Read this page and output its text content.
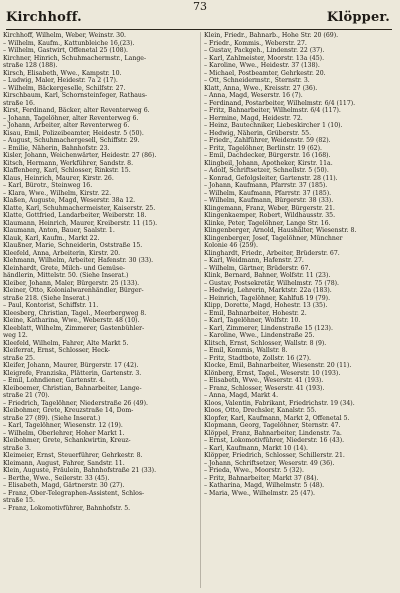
Kirchhoff.
73
Klöpper.
Kirchhoff, Wilhelm, Weber, Weinstr. 30.
– Wilhelm, Kaufm., Kattunbleiche 16,(23).
– Wilhelm, Gastwirt, Offenetal 25 (108).
Kirchner, Hinrich, Schuhmachermstr., Lange-
straße 128 (188).
Kirsch, Elisabeth, Wwe., Kampstr. 10.
– Ludwig, Maler, Heidestr. 7a 2 (17).
– Wilhelm, Bäckergeselle, Schilfstr. 27.
Kirschbaum, Karl, Schornsteinfeger, Rathaus-
straße 16.
Kirst, Ferdinand, Bäcker, alter Reventerweg 6.
– Johann, Tagelöhner, alter Reventerweg 6.
– Johann, Arbeiter, alter Reventerweg 6.
Kisau, Emil, Polizeibeamter, Heidestr. 5 (50).
– August, Schuhmachergesell, Schiffstr. 29.
– Emilie, Näherin, Bahnhofstr. 23.
Kisler, Johann, Weichenwärter, Heidestr. 27 (86).
Kitsch, Hermann, Werkführer, Sandstr. 8.
Klaffenberg, Karl, Schlosser, Rinkstr. 15.
Klaus, Heinrich, Maurer, Kirstr. 26.
– Karl, Bürotr., Steinweg 16.
– Klara, Wwe., Wilhelm, Kirstr. 22.
Klaßen, Auguste, Magd, Weserstr. 38a 12.
Klatte, Karl, Schuhmachermeister, Kaiserstr. 25.
Klatte, Gottfried, Landarbeiter, Weiberstr. 18.
Klaumann, Heinrich, Maurer, Kreiberstr. 11 (15).
Klaumann, Anton, Bauer, Saalstr. 1.
Klauk, Karl, Kaufm., Markt 22.
Klaußner, Marie, Schneiderin, Oststraße 15.
Kleefeld, Anna, Arbeiterin, Kirstr. 20.
Klehmann, Wilhelm, Arbeiter, Hafenstr. 30 (33).
Kleinhardt, Grete, Milch- und Gemüse-
händlerin, Mittelstr. 50. (Siehe Inserat.)
Kleiber, Johann, Maler, Bürgerstr. 25 (133).
Kleiner, Otto, Kolonialwarenhändler, Bürger-
straße 218. (Siehe Inserat.)
– Paul, Kontorist, Schiffstr. 11.
Kleesberg, Christian, Tagel., Meerbergweg 8.
Kleine, Katharina, Wwe., Weberstr. 48 (10).
Kleeblatt, Wilhelm, Zimmerer, Gastenbühler-
weg 12.
Kleefeld, Wilhelm, Fahrer, Alte Markt 5.
Kleiferrat, Ernst, Schlosser, Heck-
straße 25.
Kleifer, Johann, Maurer, Bürgerstr. 17 (42).
Kleigrefe, Franziska, Plätterin, Gartenstr. 3.
– Emil, Lohndiener, Gartenstr. 4.
Kleiboemer, Christian, Bahnarbeiter, Lange-
straße 21 (70).
– Friedrich, Tagelöhner, Niederstraße 26 (49).
Kleibohmer, Grete, Kreuzstraße 14, Dom-
straße 27 (89). (Siehe Inserat.)
– Karl, Tagelöhner, Wiesenstr. 12 (19).
– Wilhelm, Oberlehrer, Hoher Markt 1.
Kleibohmer, Grete, Schankwirtin, Kreuz-
straße 3.
Kleimeier, Ernst, Steuerführer, Gehrkestr. 8.
Kleimann, August, Fahrer, Sandstr. 11.
Klein, Auguste, Fräulein, Bahnhofstraße 21 (33).
– Berthe, Wwe., Seilerstr. 33 (45).
– Elisabeth, Magd, Gärtnerstr. 30 (27).
– Franz, Ober-Telegraphen-Assistent, Schlos-
straße 15.
– Franz, Lokomotivführer, Bahnhofstr. 5.
Klein, Friedr., Bahnarb., Hohe Str. 20 (69).
– Friedr., Kommis., Weberstr. 27.
– Gustav, Packgeh., Lindenstr. 22 (37).
– Karl, Zahlmeister, Moorstr. 13a (45).
– Karoline, Wwe., Heidestr. 37 (138).
– Michael, Postbeamter, Gehrkestr. 20.
– Ott, Schneidermstr., Sternstr. 3.
Klatt, Anna, Wwe., Kreisstr. 27 (36).
– Anna, Magd, Weserstr. 16 (7).
– Ferdinand, Postarbeiter, Wilhelmstr. 6/4 (117).
– Fritz, Bahnarbeiter, Wilhelmstr. 6/4 (117).
– Hermine, Magd, Heidestr. 72.
– Heinz, Bautechniker, Liebeskircher 1 (10).
– Hedwig, Näherin, Grüberstr. 55.
– Friedr., Zahlführer, Weidenstr. 59 (82).
– Fritz, Tagelöhner, Berlinstr. 19 (62).
– Emil, Dachdecker, Bürgerstr. 16 (168).
Klingbeil, Johann, Apotheker, Kirstr. 11a.
– Adolf, Schriftsetzer, Schnellstr. 5 (50).
– Konrad, Gefolgsleiter, Gartenstr. 28 (11).
– Johann, Kaufmann, Pfarrstr. 37 (185).
– Wilhelm, Kaufmann, Pfarrstr. 37 (185).
– Wilhelm, Kaufmann, Bürgerstr. 38 (33).
Klingemann, Franz, Weber, Bürgerstr. 21.
Klingenkaemper, Robert, Wildhausstr. 35.
Klinke, Peter, Tagelöhner, Lange Str. 16.
Klingenberger, Arnold, Haushälter, Wiesenstr. 8.
Klingenberger, Josef, Tagelöhner, Münchner
Kolonie 46 (259).
Klinghardt, Friedr., Arbeiter, Brüderstr. 67.
– Karl, Weidmann, Hafenstr. 27.
– Wilhelm, Gärtner, Brüderstr. 67.
Klink, Bernard, Bahner, Wolfstr. 11 (23).
– Gustav, Postsekretär, Wilhelmstr. 75 (78).
– Hedwig, Lehrerin, Marktstr. 22a (183).
– Heinrich, Tagelöhner, Kahlfuß 19 (79).
Klipp, Dorette, Magd, Hohestr. 13 (35).
– Emil, Bahnarbeiter, Hohestr. 2.
– Karl, Tagelöhner, Wolfstr. 10.
– Karl, Zimmerer, Lindenstraße 15 (123).
– Karoline, Wwe., Lindenstraße 25.
Klitsch, Ernst, Schlosser, Wallstr. 8 (9).
– Emil, Kommis, Wallstr. 8.
– Fritz, Stadtbote, Zollstr. 16 (27).
Klocke, Emil, Bahnarbeiter, Wiesenstr. 20 (11).
Klönberg, Ernst, Tagel., Weserstr. 10 (193).
– Elisabeth, Wwe., Weserstr. 41 (193).
– Franz, Schlosser, Weserstr. 41 (193).
– Anna, Magd, Markt 4.
Kloos, Valentin, Fabrikant, Friedrichstr. 19 (34).
Kloos, Otto, Drechsler, Kanalstr. 55.
Klopfer, Karl, Kaufmann, Markt 2, Offenetal 5.
Klopmann, Georg, Tagelöhner, Sternstr. 47.
Klöppel, Franz, Bahnarbeiter, Lindenstr. 7a.
– Ernst, Lokomotivführer, Niederstr. 16 (43).
– Karl, Kaufmann, Markt 10 (14).
Klöpper, Friedrich, Schlosser, Schillerstr. 21.
– Johann, Schriftsetzer, Weserstr. 49 (36).
– Frieda, Wwe., Moorstr. 5 (32).
– Fritz, Bahnarbeiter, Markt 37 (84).
– Katharina, Magd, Wilhelmstr. 5 (48).
– Maria, Wwe., Wilhelmstr. 25 (47).
